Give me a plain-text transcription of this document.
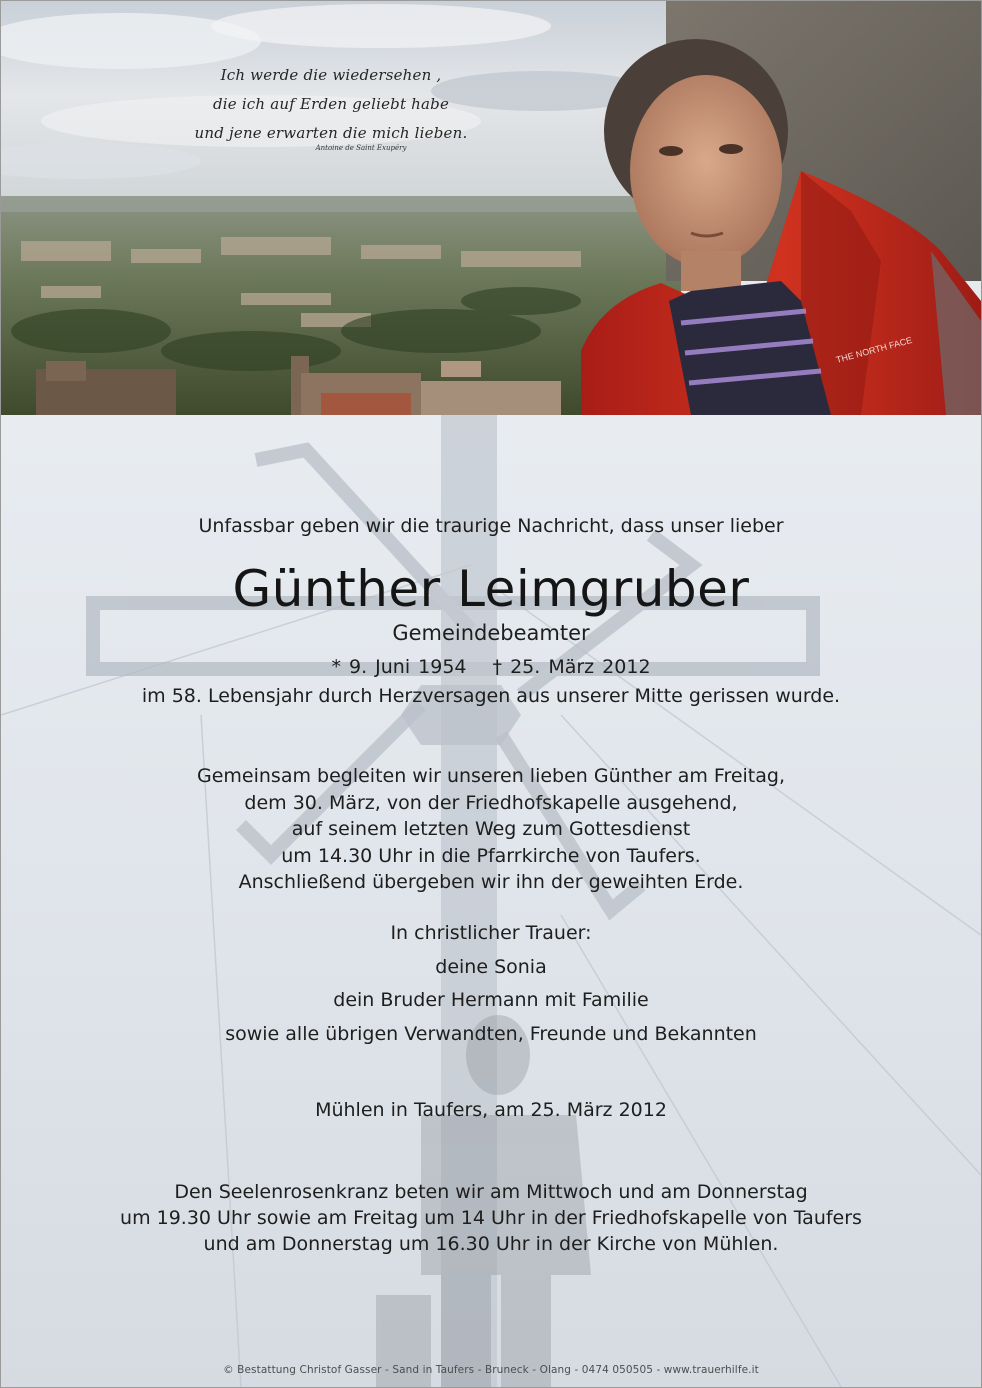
THE NORTH FACE
Ich werde die wiedersehen ,
die ich auf Erden geliebt habe
und jene erwarten die mich lieben.
Antoine de Saint Exupéry
Unfassbar geben wir die traurige Nachricht, dass unser lieber
Günther Leimgruber
Gemeindebeamter
* 9. Juni 1954 † 25. März 2012
im 58. Lebensjahr durch Herzversagen aus unserer Mitte gerissen wurde.
Gemeinsam begleiten wir unseren lieben Günther am Freitag,
dem 30. März, von der Friedhofskapelle ausgehend,
auf seinem letzten Weg zum Gottesdienst
um 14.30 Uhr in die Pfarrkirche von Taufers.
Anschließend übergeben wir ihn der geweihten Erde.
In christlicher Trauer:
deine Sonia
dein Bruder Hermann mit Familie
sowie alle übrigen Verwandten, Freunde und Bekannten
Mühlen in Taufers, am 25. März 2012
Den Seelenrosenkranz beten wir am Mittwoch und am Donnerstag
um 19.30 Uhr sowie am Freitag um 14 Uhr in der Friedhofskapelle von Taufers
und am Donnerstag um 16.30 Uhr in der Kirche von Mühlen.
© Bestattung Christof Gasser - Sand in Taufers - Bruneck - Olang - 0474 050505 - www.trauerhilfe.it
